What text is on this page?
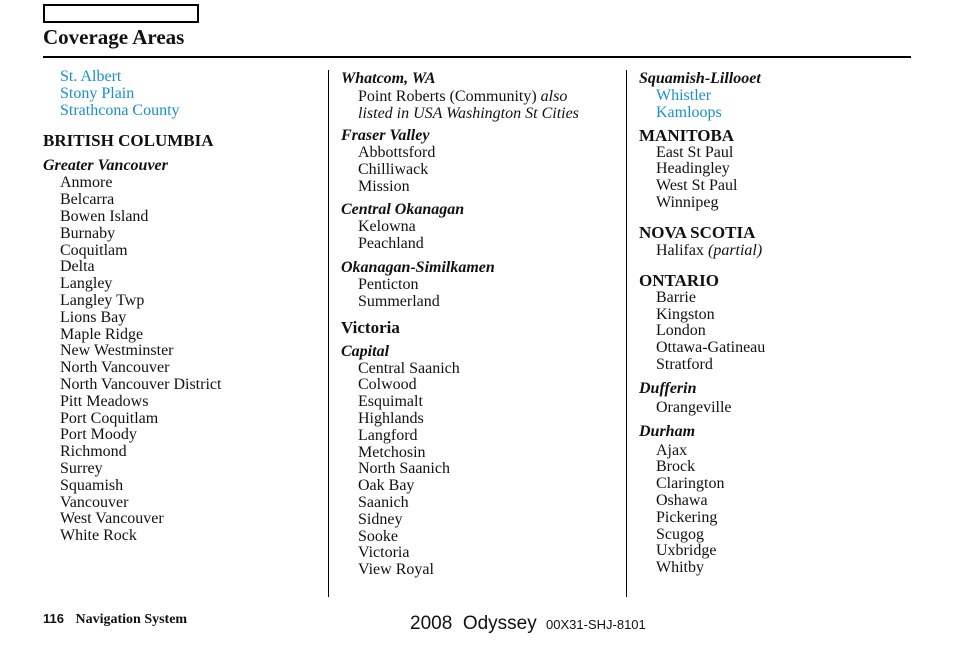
Coverage Areas
St. Albert
Stony Plain
Strathcona County
BRITISH COLUMBIA
Greater Vancouver
Anmore
Belcarra
Bowen Island
Burnaby
Coquitlam
Delta
Langley
Langley Twp
Lions Bay
Maple Ridge
New Westminster
North Vancouver
North Vancouver District
Pitt Meadows
Port Coquitlam
Port Moody
Richmond
Surrey
Squamish
Vancouver
West Vancouver
White Rock
Whatcom, WA
Point Roberts (Community) also
listed in USA Washington St Cities
Fraser Valley
Abbottsford
Chilliwack
Mission
Central Okanagan
Kelowna
Peachland
Okanagan-Similkamen
Penticton
Summerland
Victoria
Capital
Central Saanich
Colwood
Esquimalt
Highlands
Langford
Metchosin
North Saanich
Oak Bay
Saanich
Sidney
Sooke
Victoria
View Royal
Squamish-Lillooet
Whistler
Kamloops
MANITOBA
East St Paul
Headingley
West St Paul
Winnipeg
NOVA SCOTIA
Halifax (partial)
ONTARIO
Barrie
Kingston
London
Ottawa-Gatineau
Stratford
Dufferin
Orangeville
Durham
Ajax
Brock
Clarington
Oshawa
Pickering
Scugog
Uxbridge
Whitby
116 Navigation System	2008  Odyssey 00X31-SHJ-8101
